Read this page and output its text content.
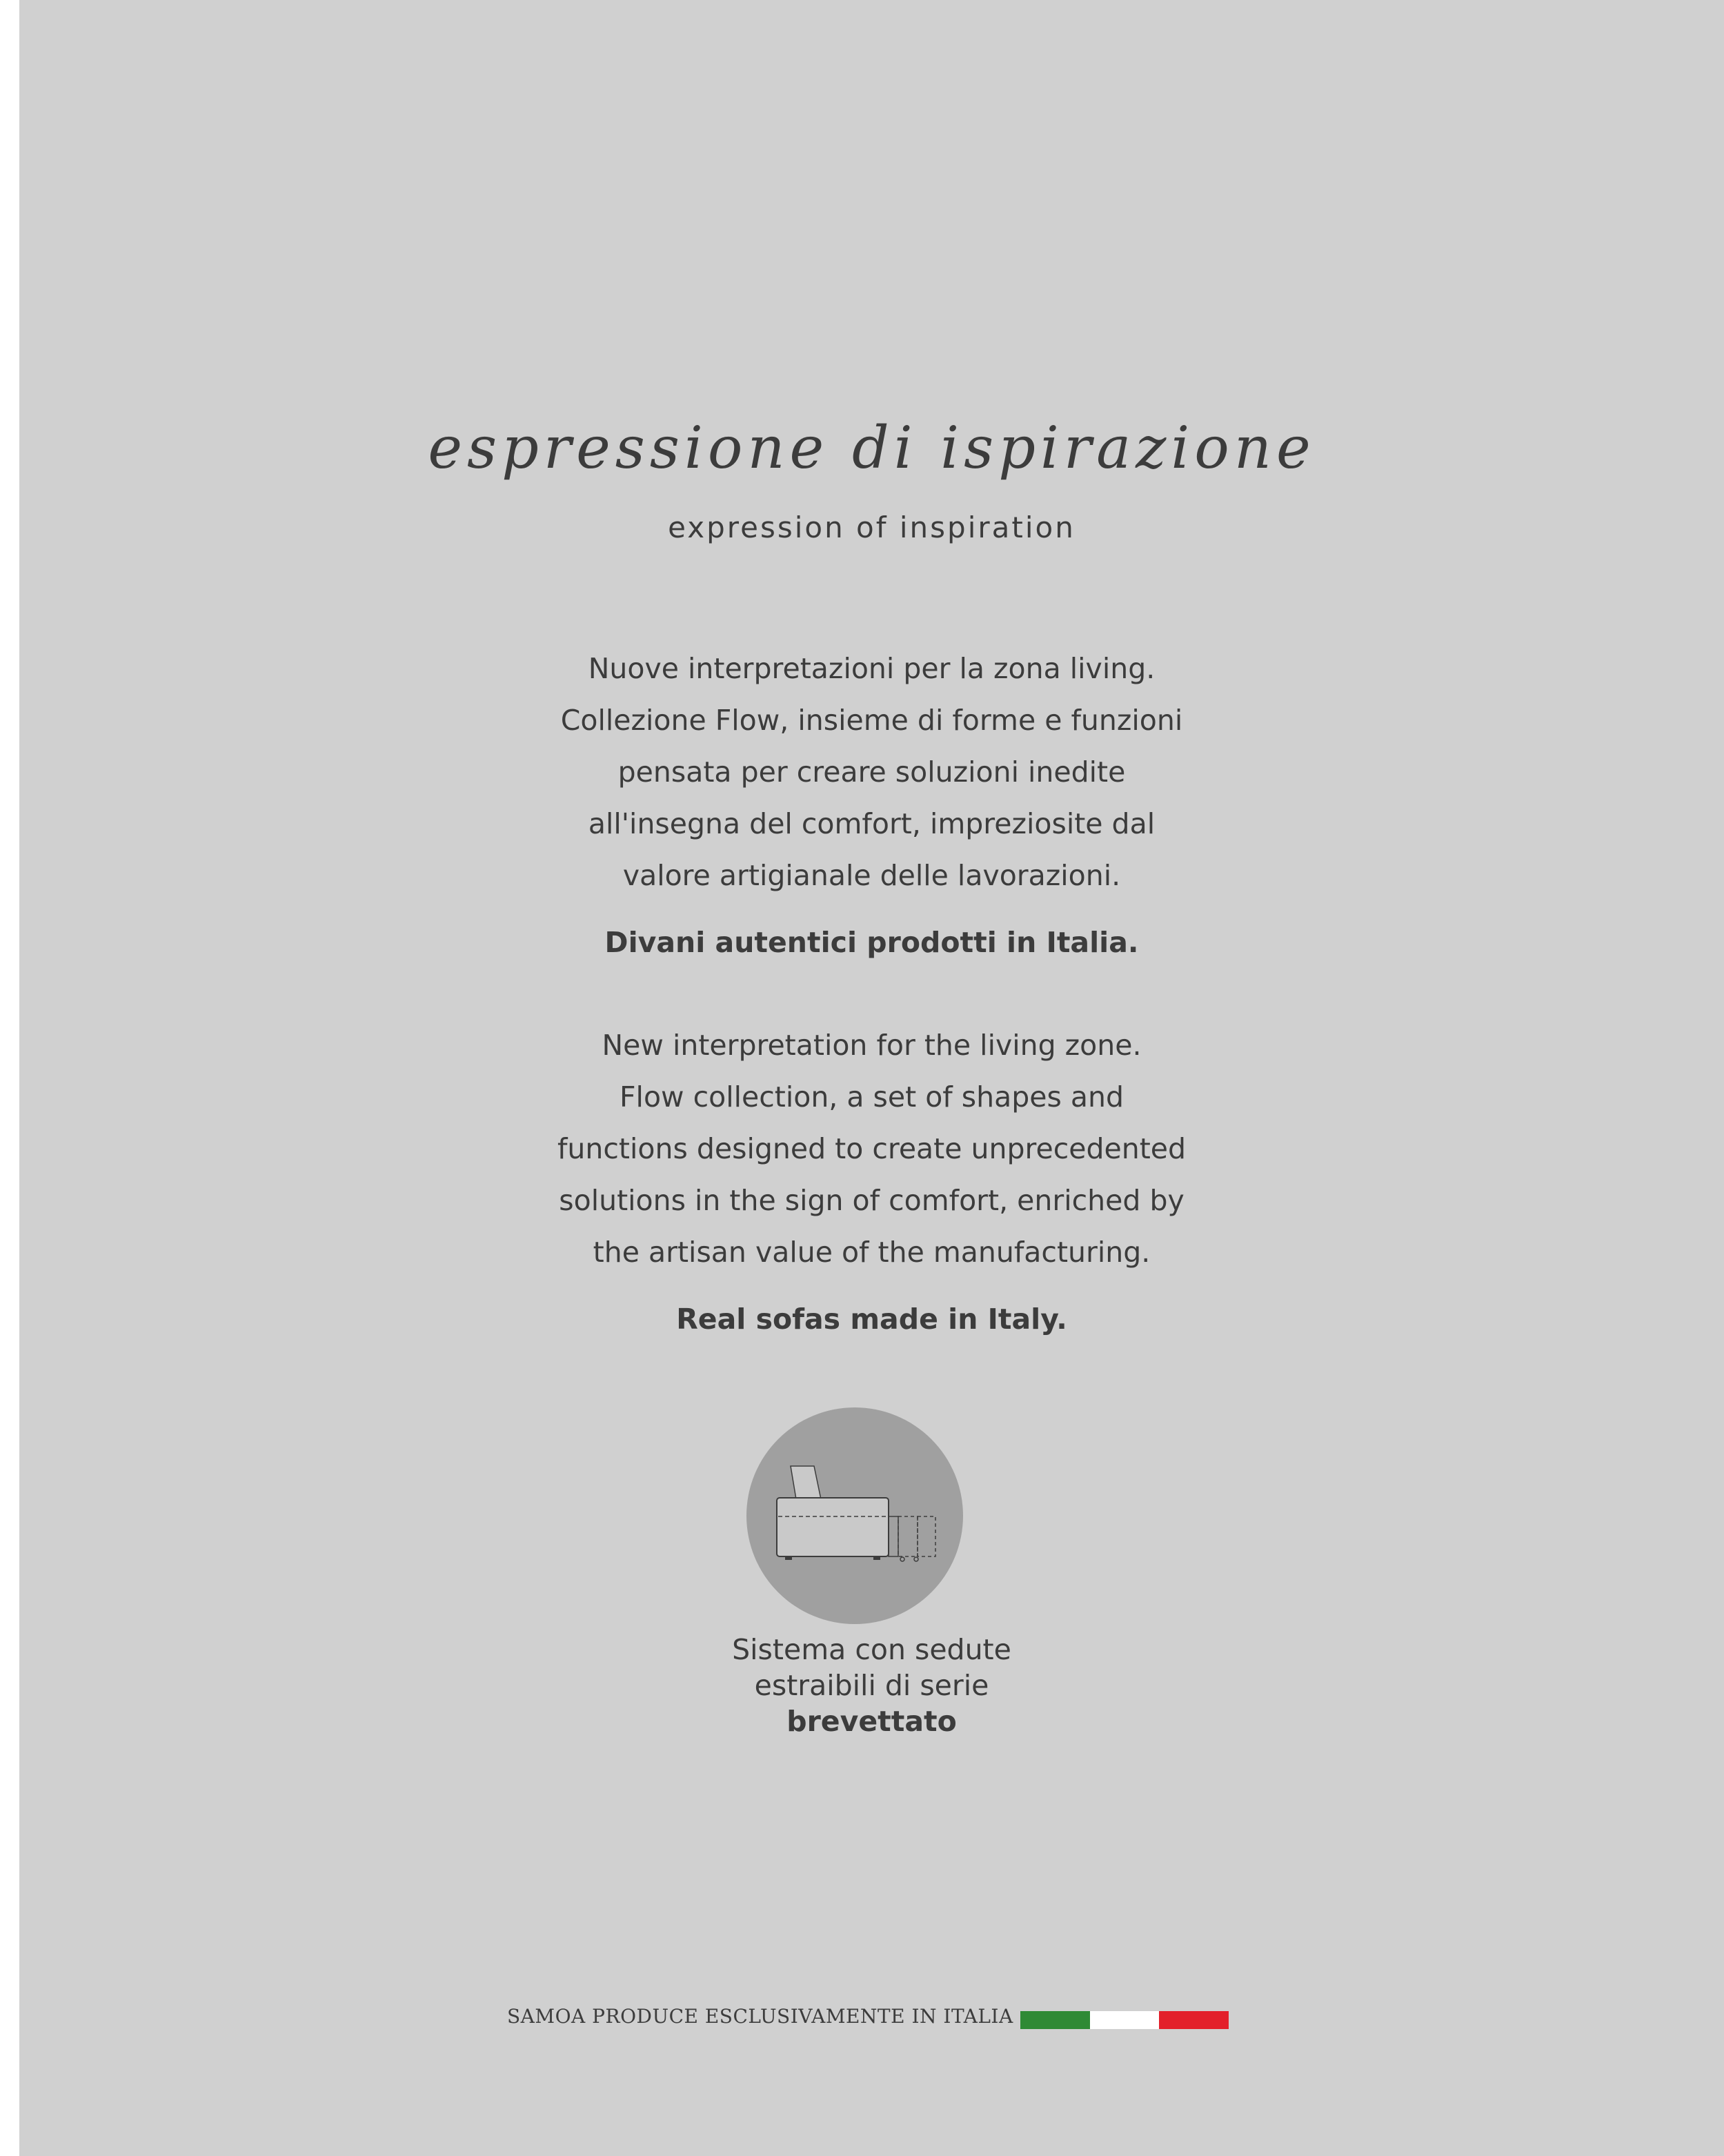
espressione di ispirazione
expression of inspiration
Nuove interpretazioni per la zona living.
Collezione Flow, insieme di forme e funzioni
pensata per creare soluzioni inedite
all'insegna del comfort, impreziosite dal
valore artigianale delle lavorazioni.
Divani autentici prodotti in Italia.
New interpretation for the living zone.
Flow collection, a set of shapes and
functions designed to create unprecedented
solutions in the sign of comfort, enriched by
the artisan value of the manufacturing.
Real sofas made in Italy.
Sistema con sedute
estraibili di serie
brevettato
SAMOA PRODUCE ESCLUSIVAMENTE IN ITALIA
